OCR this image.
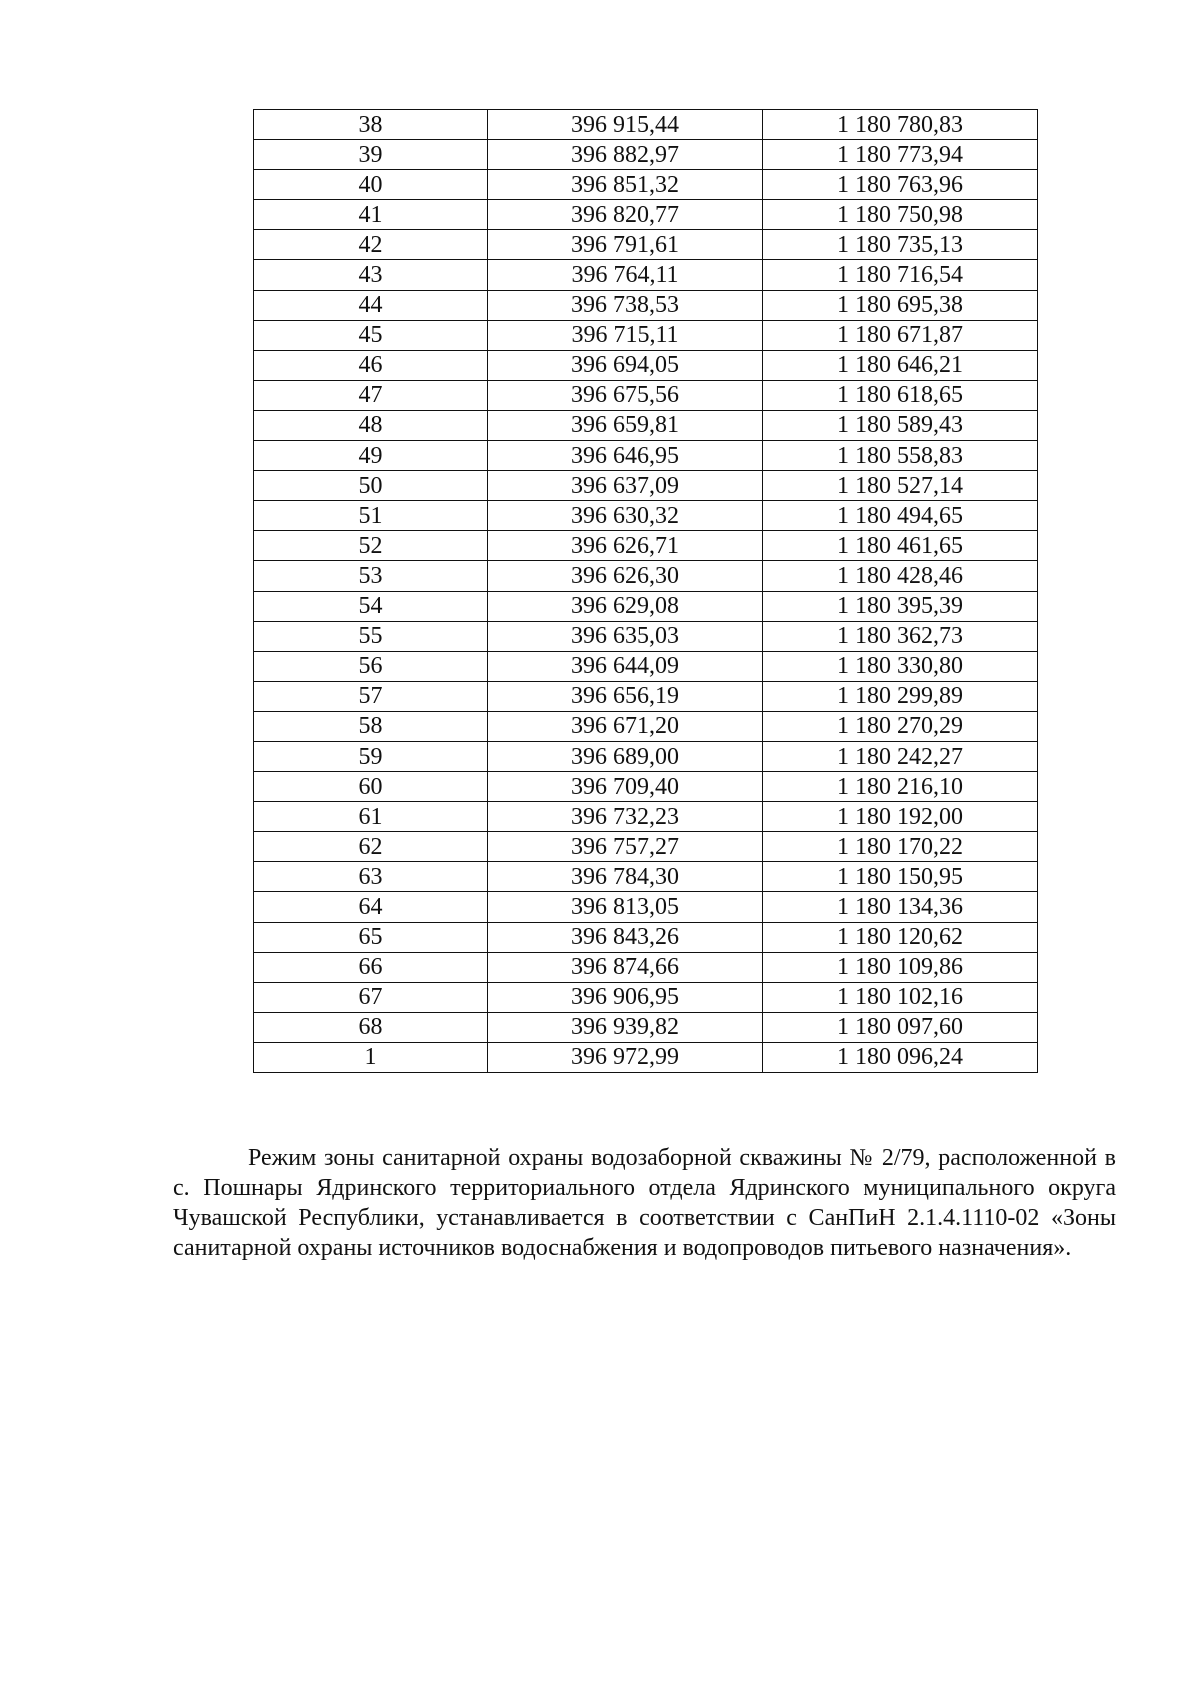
38	396 915,44	1 180 780,83
39	396 882,97	1 180 773,94
40	396 851,32	1 180 763,96
41	396 820,77	1 180 750,98
42	396 791,61	1 180 735,13
43	396 764,11	1 180 716,54
44	396 738,53	1 180 695,38
45	396 715,11	1 180 671,87
46	396 694,05	1 180 646,21
47	396 675,56	1 180 618,65
48	396 659,81	1 180 589,43
49	396 646,95	1 180 558,83
50	396 637,09	1 180 527,14
51	396 630,32	1 180 494,65
52	396 626,71	1 180 461,65
53	396 626,30	1 180 428,46
54	396 629,08	1 180 395,39
55	396 635,03	1 180 362,73
56	396 644,09	1 180 330,80
57	396 656,19	1 180 299,89
58	396 671,20	1 180 270,29
59	396 689,00	1 180 242,27
60	396 709,40	1 180 216,10
61	396 732,23	1 180 192,00
62	396 757,27	1 180 170,22
63	396 784,30	1 180 150,95
64	396 813,05	1 180 134,36
65	396 843,26	1 180 120,62
66	396 874,66	1 180 109,86
67	396 906,95	1 180 102,16
68	396 939,82	1 180 097,60
1	396 972,99	1 180 096,24

Режим зоны санитарной охраны водозаборной скважины № 2/79, расположенной в с. Пошнары Ядринского территориального отдела Ядринского муниципального округа Чувашской Республики, устанавливается в соответствии с СанПиН 2.1.4.1110-02 «Зоны санитарной охраны источников водоснабжения и водопроводов питьевого назначения».
